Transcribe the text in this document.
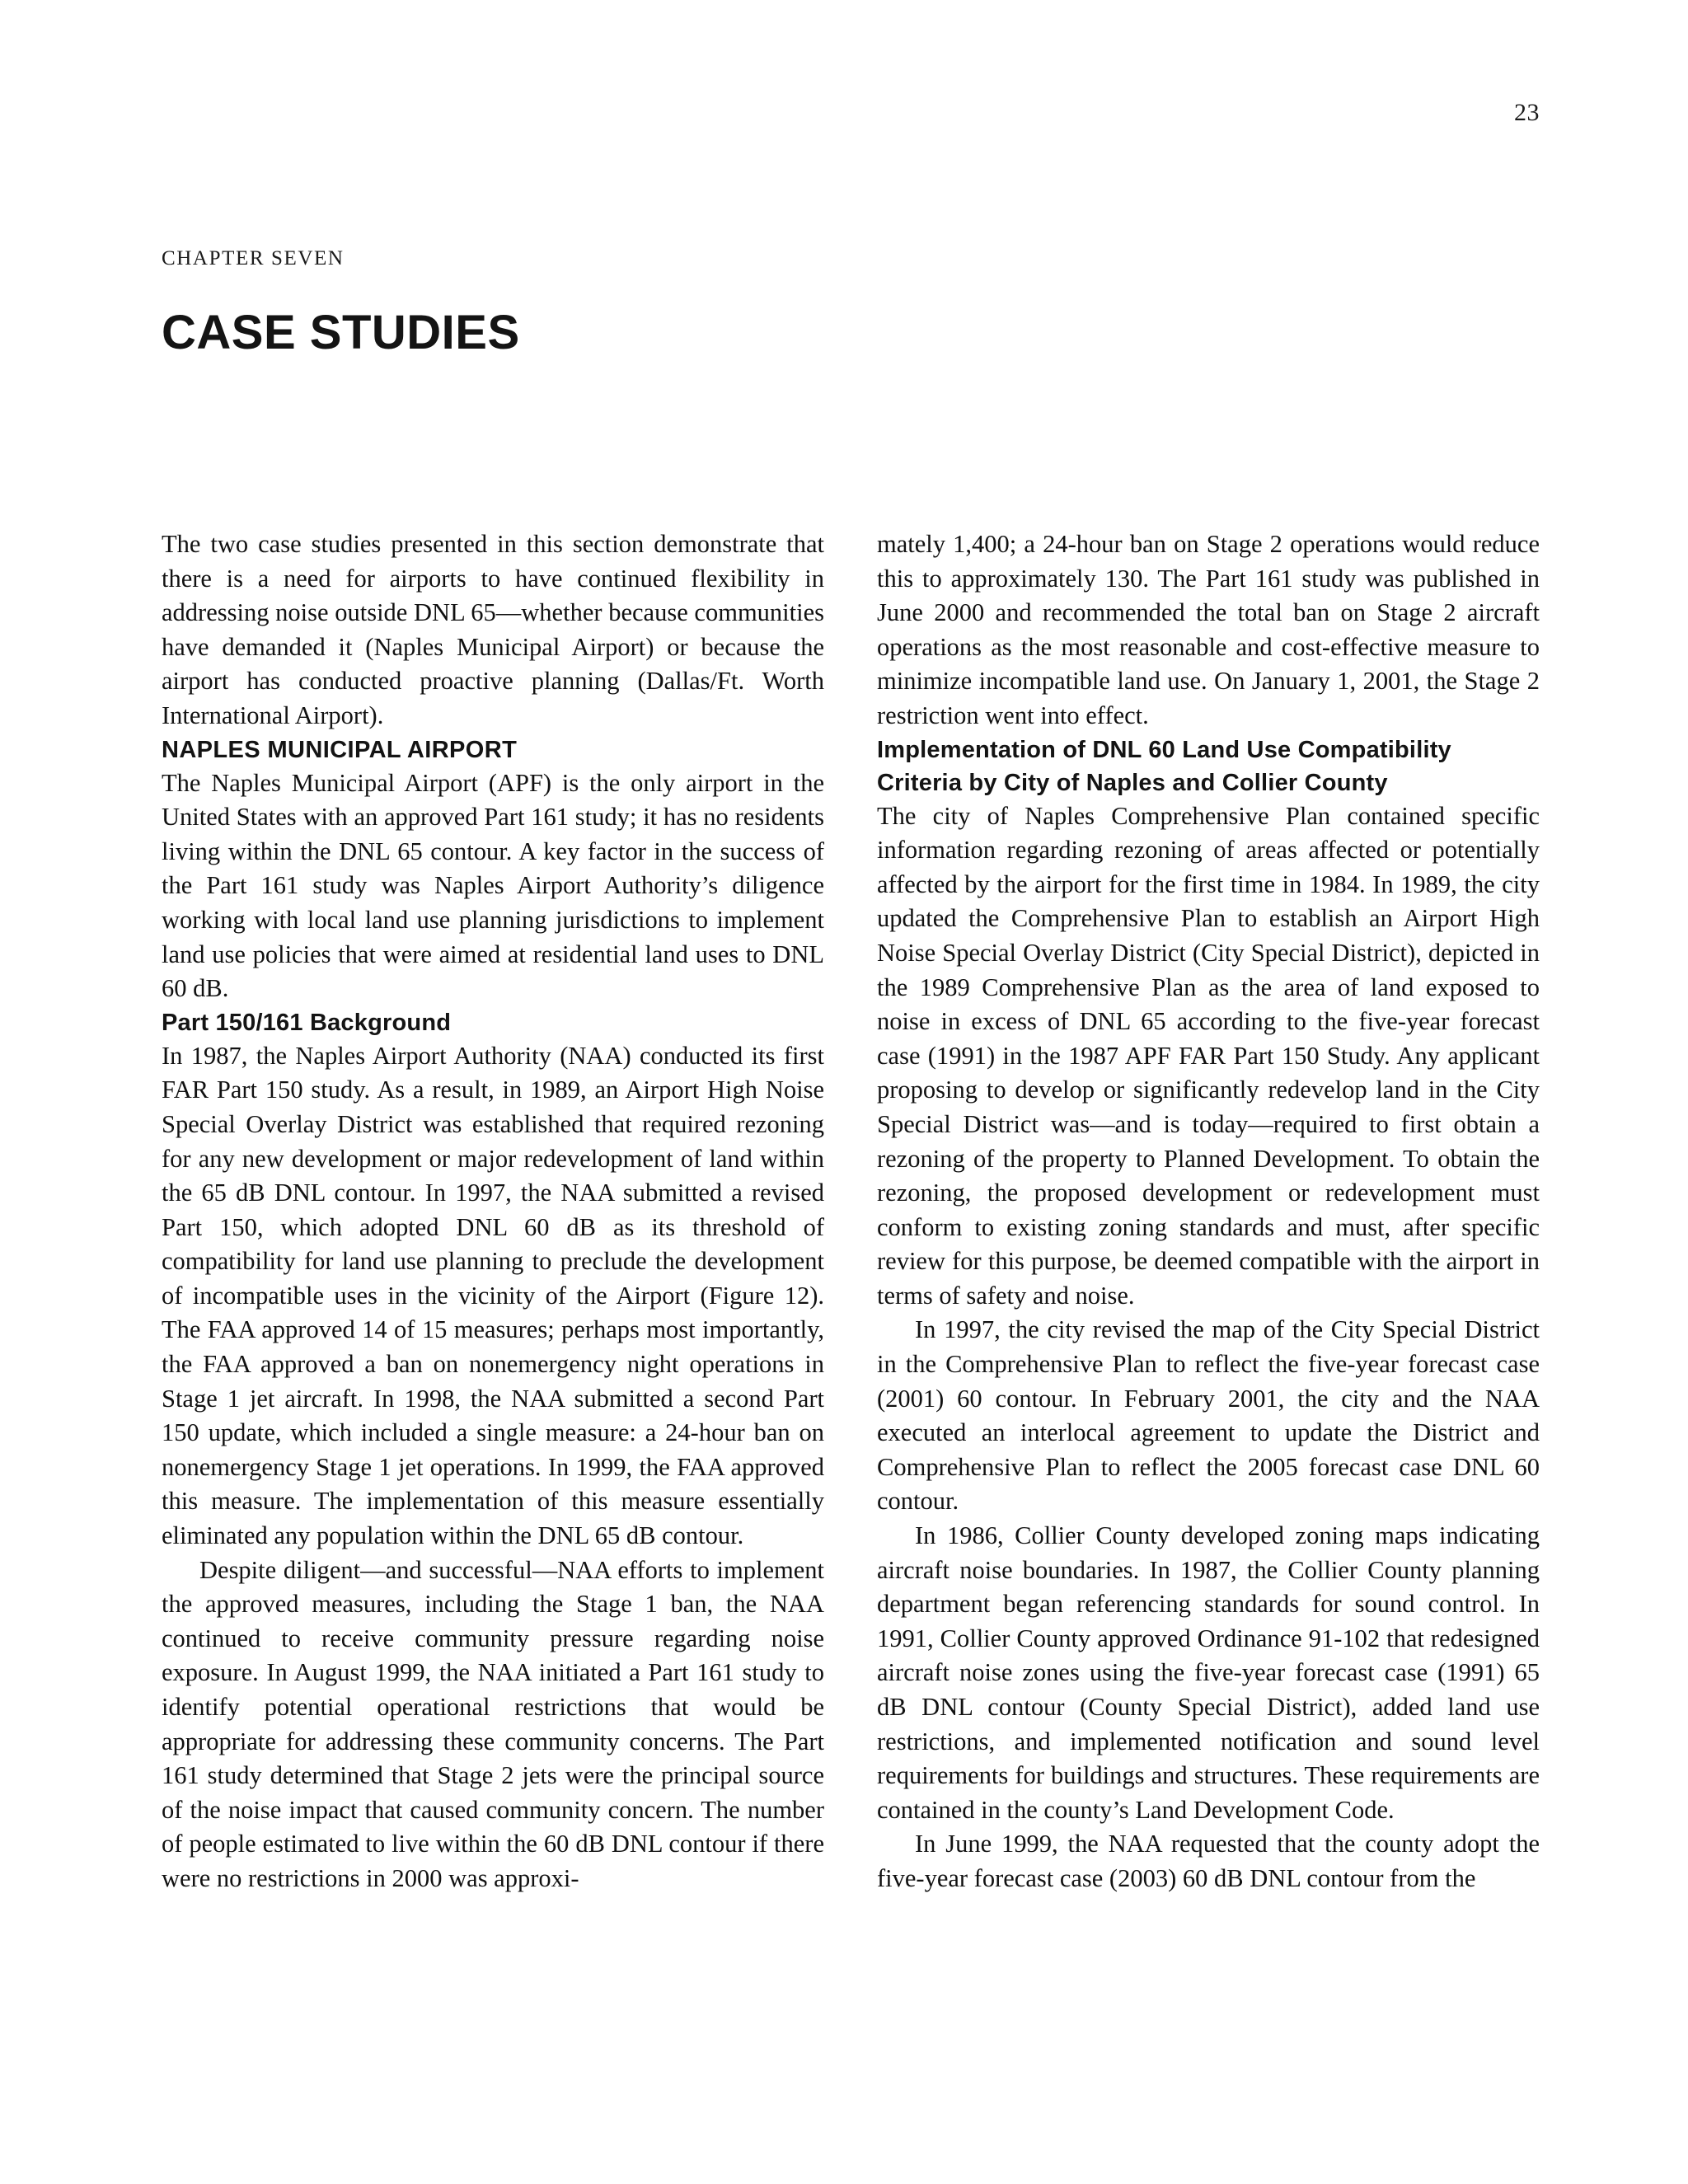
23
CHAPTER SEVEN
CASE STUDIES

The two case studies presented in this section demonstrate that there is a need for airports to have continued flexibility in addressing noise outside DNL 65—whether because communities have demanded it (Naples Municipal Airport) or because the airport has conducted proactive planning (Dallas/Ft. Worth International Airport).

NAPLES MUNICIPAL AIRPORT

The Naples Municipal Airport (APF) is the only airport in the United States with an approved Part 161 study; it has no residents living within the DNL 65 contour. A key factor in the success of the Part 161 study was Naples Airport Authority’s diligence working with local land use planning jurisdictions to implement land use policies that were aimed at residential land uses to DNL 60 dB.

Part 150/161 Background

In 1987, the Naples Airport Authority (NAA) conducted its first FAR Part 150 study. As a result, in 1989, an Airport High Noise Special Overlay District was established that required rezoning for any new development or major redevelopment of land within the 65 dB DNL contour. In 1997, the NAA submitted a revised Part 150, which adopted DNL 60 dB as its threshold of compatibility for land use planning to preclude the development of incompatible uses in the vicinity of the Airport (Figure 12). The FAA approved 14 of 15 measures; perhaps most importantly, the FAA approved a ban on nonemergency night operations in Stage 1 jet aircraft. In 1998, the NAA submitted a second Part 150 update, which included a single measure: a 24-hour ban on nonemergency Stage 1 jet operations. In 1999, the FAA approved this measure. The implementation of this measure essentially eliminated any population within the DNL 65 dB contour.

Despite diligent—and successful—NAA efforts to implement the approved measures, including the Stage 1 ban, the NAA continued to receive community pressure regarding noise exposure. In August 1999, the NAA initiated a Part 161 study to identify potential operational restrictions that would be appropriate for addressing these community concerns. The Part 161 study determined that Stage 2 jets were the principal source of the noise impact that caused community concern. The number of people estimated to live within the 60 dB DNL contour if there were no restrictions in 2000 was approxi-

mately 1,400; a 24-hour ban on Stage 2 operations would reduce this to approximately 130. The Part 161 study was published in June 2000 and recommended the total ban on Stage 2 aircraft operations as the most reasonable and cost-effective measure to minimize incompatible land use. On January 1, 2001, the Stage 2 restriction went into effect.

Implementation of DNL 60 Land Use Compatibility
Criteria by City of Naples and Collier County

The city of Naples Comprehensive Plan contained specific information regarding rezoning of areas affected or potentially affected by the airport for the first time in 1984. In 1989, the city updated the Comprehensive Plan to establish an Airport High Noise Special Overlay District (City Special District), depicted in the 1989 Comprehensive Plan as the area of land exposed to noise in excess of DNL 65 according to the five-year forecast case (1991) in the 1987 APF FAR Part 150 Study. Any applicant proposing to develop or significantly redevelop land in the City Special District was—and is today—required to first obtain a rezoning of the property to Planned Development. To obtain the rezoning, the proposed development or redevelopment must conform to existing zoning standards and must, after specific review for this purpose, be deemed compatible with the airport in terms of safety and noise.

In 1997, the city revised the map of the City Special District in the Comprehensive Plan to reflect the five-year forecast case (2001) 60 contour. In February 2001, the city and the NAA executed an interlocal agreement to update the District and Comprehensive Plan to reflect the 2005 forecast case DNL 60 contour.

In 1986, Collier County developed zoning maps indicating aircraft noise boundaries. In 1987, the Collier County planning department began referencing standards for sound control. In 1991, Collier County approved Ordinance 91-102 that redesigned aircraft noise zones using the five-year forecast case (1991) 65 dB DNL contour (County Special District), added land use restrictions, and implemented notification and sound level requirements for buildings and structures. These requirements are contained in the county’s Land Development Code.

In June 1999, the NAA requested that the county adopt the five-year forecast case (2003) 60 dB DNL contour from the
